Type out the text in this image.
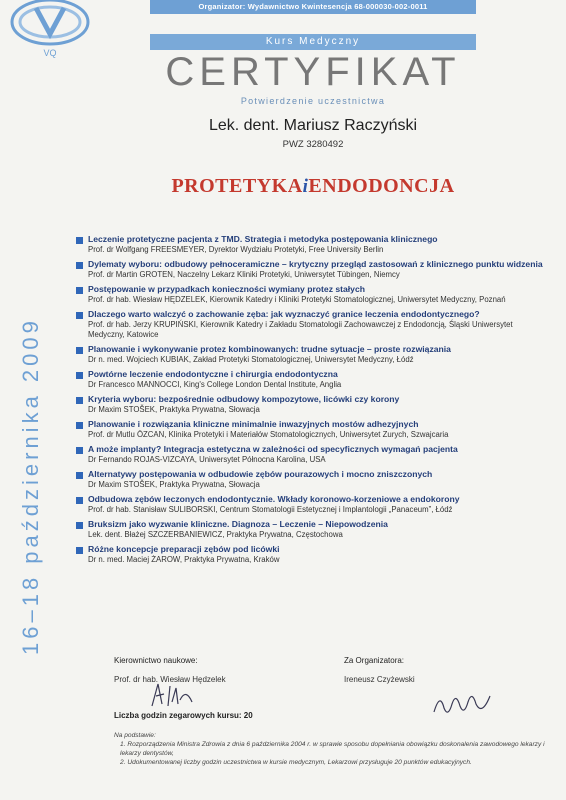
VQ
Organizator: Wydawnictwo Kwintesencja 68-000030-002-0011
Kurs Medyczny
CERTYFIKAT
Potwierdzenie uczestnictwa
Lek. dent. Mariusz Raczyński
PWZ 3280492
PROTETYKAiENDODONCJA
16–18 października 2009
Leczenie protetyczne pacjenta z TMD. Strategia i metodyka postępowania klinicznego
Prof. dr Wolfgang FREESMEYER, Dyrektor Wydziału Protetyki, Free University Berlin
Dylematy wyboru: odbudowy pełnoceramiczne – krytyczny przegląd zastosowań z klinicznego punktu widzenia
Prof. dr Martin GROTEN, Naczelny Lekarz Kliniki Protetyki, Uniwersytet Tübingen, Niemcy
Postępowanie w przypadkach konieczności wymiany protez stałych
Prof. dr hab. Wiesław HĘDZELEK, Kierownik Katedry i Kliniki Protetyki Stomatologicznej, Uniwersytet Medyczny, Poznań
Dlaczego warto walczyć o zachowanie zęba: jak wyznaczyć granice leczenia endodontycznego?
Prof. dr hab. Jerzy KRUPIŃSKI, Kierownik Katedry i Zakładu Stomatologii Zachowawczej z Endodoncją, Śląski Uniwersytet Medyczny, Katowice
Planowanie i wykonywanie protez kombinowanych: trudne sytuacje – proste rozwiązania
Dr n. med. Wojciech KUBIAK, Zakład Protetyki Stomatologicznej, Uniwersytet Medyczny, Łódź
Powtórne leczenie endodontyczne i chirurgia endodontyczna
Dr Francesco MANNOCCI, King's College London Dental Institute, Anglia
Kryteria wyboru: bezpośrednie odbudowy kompozytowe, licówki czy korony
Dr Maxim STOŠEK, Praktyka Prywatna, Słowacja
Planowanie i rozwiązania kliniczne minimalnie inwazyjnych mostów adhezyjnych
Prof. dr Mutlu ÖZCAN, Klinika Protetyki i Materiałów Stomatologicznych, Uniwersytet Zurych, Szwajcaria
A może implanty? Integracja estetyczna w zależności od specyficznych wymagań pacjenta
Dr Fernando ROJAS-VIZCAYA, Uniwersytet Północna Karolina, USA
Alternatywy postępowania w odbudowie zębów pourazowych i mocno zniszczonych
Dr Maxim STOŠEK, Praktyka Prywatna, Słowacja
Odbudowa zębów leczonych endodontycznie. Wkłady koronowo-korzeniowe a endokorony
Prof. dr hab. Stanisław SULIBORSKI, Centrum Stomatologii Estetycznej i Implantologii „Panaceum”, Łódź
Bruksizm jako wyzwanie kliniczne. Diagnoza – Leczenie – Niepowodzenia
Lek. dent. Błażej SZCZERBANIEWICZ, Praktyka Prywatna, Częstochowa
Różne koncepcje preparacji zębów pod licówki
Dr n. med. Maciej ŻAROW, Praktyka Prywatna, Kraków
Kierownictwo naukowe:
Prof. dr hab. Wiesław Hędzelek
Za Organizatora:
Ireneusz Czyżewski
Liczba godzin zegarowych kursu: 20

Na podstawie:

1. Rozporządzenia Ministra Zdrowia z dnia 6 października 2004 r. w sprawie sposobu dopełniania obowiązku doskonalenia zawodowego lekarzy i lekarzy dentystów,

2. Udokumentowanej liczby godzin uczestnictwa w kursie medycznym, Lekarzowi przysługuje 20 punktów edukacyjnych.
